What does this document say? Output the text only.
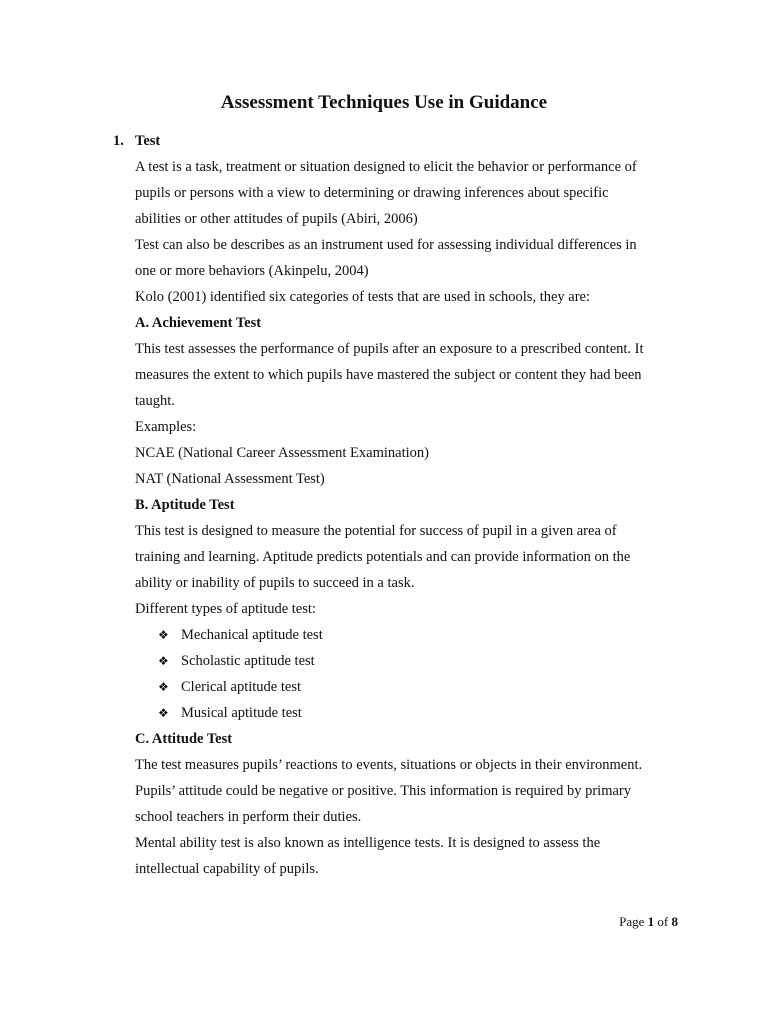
Assessment Techniques Use in Guidance
1. Test
A test is a task, treatment or situation designed to elicit the behavior or performance of
pupils or persons with a view to determining or drawing inferences about specific
abilities or other attitudes of pupils (Abiri, 2006)
Test can also be describes as an instrument used for assessing individual differences in
one or more behaviors (Akinpelu, 2004)
Kolo (2001) identified six categories of tests that are used in schools, they are:
A. Achievement Test
This test assesses the performance of pupils after an exposure to a prescribed content. It
measures the extent to which pupils have mastered the subject or content they had been
taught.
Examples:
NCAE (National Career Assessment Examination)
NAT (National Assessment Test)
B. Aptitude Test
This test is designed to measure the potential for success of pupil in a given area of
training and learning. Aptitude predicts potentials and can provide information on the
ability or inability of pupils to succeed in a task.
Different types of aptitude test:
❖ Mechanical aptitude test
❖ Scholastic aptitude test
❖ Clerical aptitude test
❖ Musical aptitude test
C. Attitude Test
The test measures pupils’ reactions to events, situations or objects in their environment.
Pupils’ attitude could be negative or positive. This information is required by primary
school teachers in perform their duties.
Mental ability test is also known as intelligence tests. It is designed to assess the
intellectual capability of pupils.
Page 1 of 8
